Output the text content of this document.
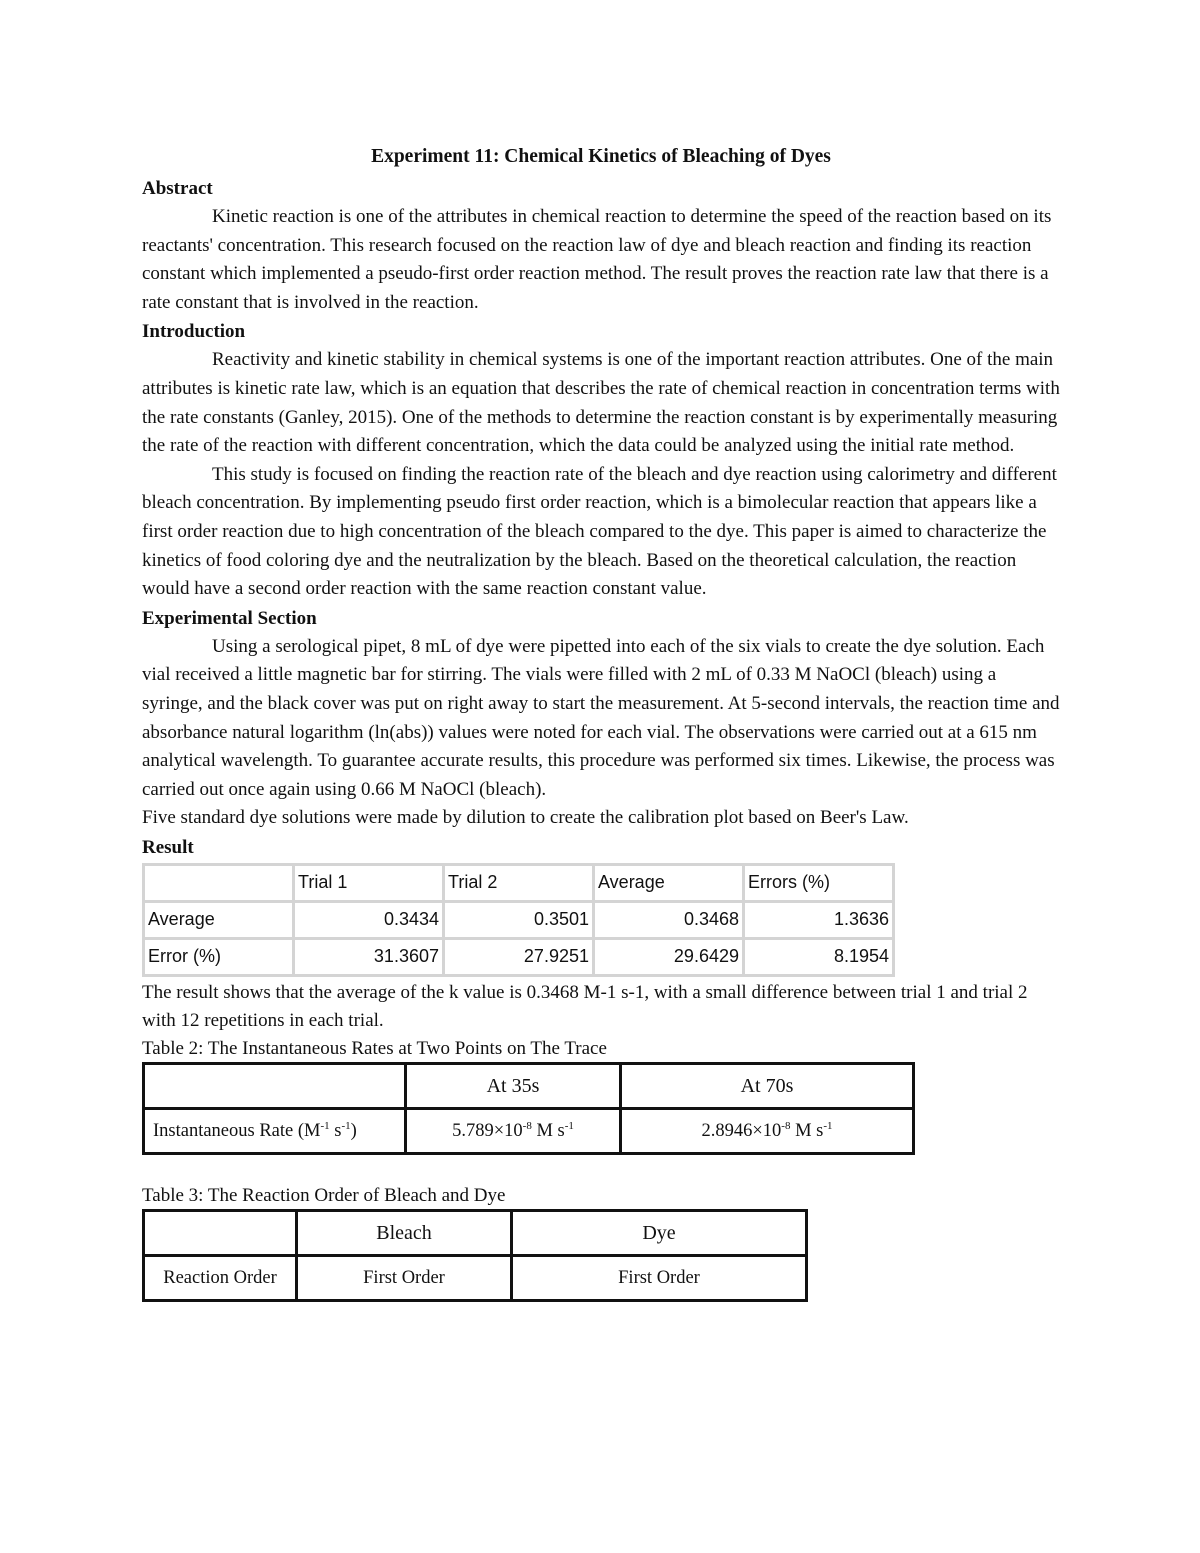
Experiment 11: Chemical Kinetics of Bleaching of Dyes

Abstract

Kinetic reaction is one of the attributes in chemical reaction to determine the speed of the reaction based on its reactants' concentration. This research focused on the reaction law of dye and bleach reaction and finding its reaction constant which implemented a pseudo-first order reaction method. The result proves the reaction rate law that there is a rate constant that is involved in the reaction.

Introduction

Reactivity and kinetic stability in chemical systems is one of the important reaction attributes. One of the main attributes is kinetic rate law, which is an equation that describes the rate of chemical reaction in concentration terms with the rate constants (Ganley, 2015). One of the methods to determine the reaction constant is by experimentally measuring the rate of the reaction with different concentration, which the data could be analyzed using the initial rate method.

This study is focused on finding the reaction rate of the bleach and dye reaction using calorimetry and different bleach concentration. By implementing pseudo first order reaction, which is a bimolecular reaction that appears like a first order reaction due to high concentration of the bleach compared to the dye. This paper is aimed to characterize the kinetics of food coloring dye and the neutralization by the bleach. Based on the theoretical calculation, the reaction would have a second order reaction with the same reaction constant value.

Experimental Section

Using a serological pipet, 8 mL of dye were pipetted into each of the six vials to create the dye solution. Each vial received a little magnetic bar for stirring. The vials were filled with 2 mL of 0.33 M NaOCl (bleach) using a syringe, and the black cover was put on right away to start the measurement. At 5-second intervals, the reaction time and absorbance natural logarithm (ln(abs)) values were noted for each vial. The observations were carried out at a 615 nm analytical wavelength. To guarantee accurate results, this procedure was performed six times. Likewise, the process was carried out once again using 0.66 M NaOCl (bleach).

Five standard dye solutions were made by dilution to create the calibration plot based on Beer's Law.

Result

	Trial 1	Trial 2	Average	Errors (%)
Average	0.3434	0.3501	0.3468	1.3636
Error (%)	31.3607	27.9251	29.6429	8.1954

The result shows that the average of the k value is 0.3468 M-1 s-1, with a small difference between trial 1 and trial 2 with 12 repetitions in each trial.

Table 2: The Instantaneous Rates at Two Points on The Trace

	At 35s	At 70s
Instantaneous Rate ($M^{-1}$ $s^{-1}$)	$5.789\times 10^{-8}$ M $s^{-1}$	$2.8946\times 10^{-8}$ M $s^{-1}$

Table 3: The Reaction Order of Bleach and Dye

	Bleach	Dye
Reaction Order	First Order	First Order
